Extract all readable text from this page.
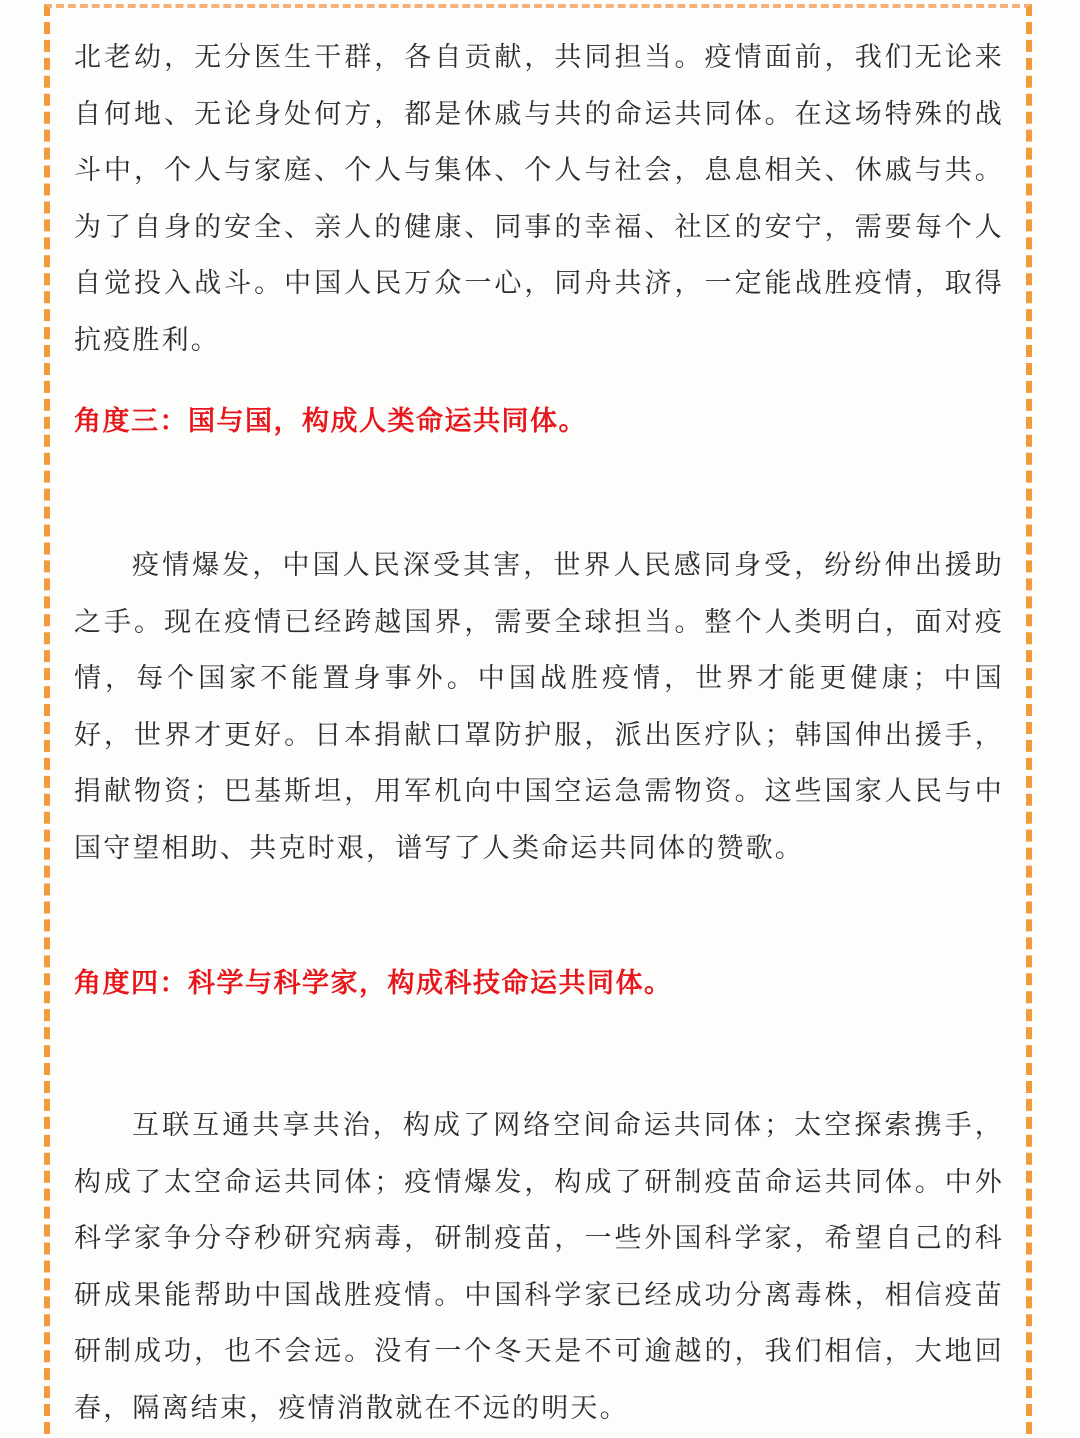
北老幼，无分医生干群，各自贡献，共同担当。疫情面前，我们无论来自何地、无论身处何方，都是休戚与共的命运共同体。在这场特殊的战斗中，个人与家庭、个人与集体、个人与社会，息息相关、休戚与共。为了自身的安全、亲人的健康、同事的幸福、社区的安宁，需要每个人自觉投入战斗。中国人民万众一心，同舟共济，一定能战胜疫情，取得抗疫胜利。

角度三：国与国，构成人类命运共同体。

疫情爆发，中国人民深受其害，世界人民感同身受，纷纷伸出援助之手。现在疫情已经跨越国界，需要全球担当。整个人类明白，面对疫情，每个国家不能置身事外。中国战胜疫情，世界才能更健康；中国好，世界才更好。日本捐献口罩防护服，派出医疗队；韩国伸出援手，捐献物资；巴基斯坦，用军机向中国空运急需物资。这些国家人民与中国守望相助、共克时艰，谱写了人类命运共同体的赞歌。

角度四：科学与科学家，构成科技命运共同体。

互联互通共享共治，构成了网络空间命运共同体；太空探索携手，构成了太空命运共同体；疫情爆发，构成了研制疫苗命运共同体。中外科学家争分夺秒研究病毒，研制疫苗，一些外国科学家，希望自己的科研成果能帮助中国战胜疫情。中国科学家已经成功分离毒株，相信疫苗研制成功，也不会远。没有一个冬天是不可逾越的，我们相信，大地回春，隔离结束，疫情消散就在不远的明天。
